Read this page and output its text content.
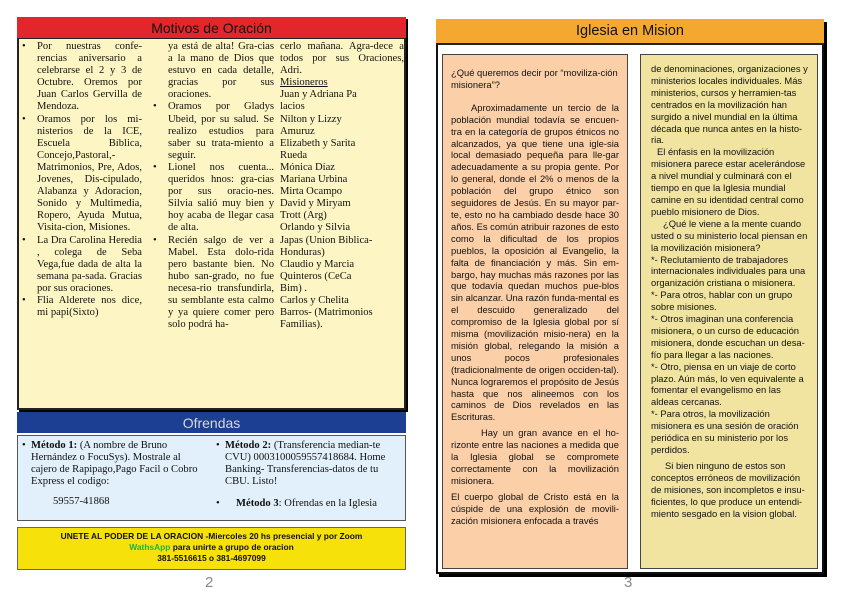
Motivos de Oración
• Por nuestras confe-rencias aniversario a celebrarse el 2 y 3 de Octubre. Oremos por Juan Carlos Gervilla de Mendoza.
• Oramos por los mi-nisterios de la ICE, Escuela Bíblica, Concejo,Pastoral,-Matrimonios, Pre, Ados, Jovenes, Dis-cipulado, Alabanza y Adoracion, Sonido y Multimedia, Ropero, Ayuda Mutua, Visita-cion, Misiones.
• La Dra Carolina Heredia , colega de Seba Vega,fue dada de alta la semana pa-sada. Gracias por sus oraciones.
• Flia Alderete nos dice, mi papi(Sixto)

ya está de alta! Gra-cias a la mano de Dios que estuvo en cada detalle, gracias por sus oraciones.

• Oramos por Gladys Ubeid, por su salud. Se realizo estudios para saber su trata-miento a seguir.
• Lionel nos cuenta... queridos hnos: gra-cias por sus oracio-nes. Silvia salió muy bien y hoy acaba de llegar casa de alta.
• Recién salgo de ver a Mabel. Esta dolo-rida pero bastante bien. No hubo san-grado, no fue necesa-rio transfundirla, su semblante esta calmo y ya quiere comer pero solo podrá ha-

cerlo mañana. Agra-dece a todos por sus Oraciones, Adri.

• Misioneros
Juan y Adriana Pa
lacios
Nilton y Lizzy
Amuruz
Elizabeth y Sarita
Rueda
Mónica Díaz
Mariana Urbina
Mirta Ocampo
David y Miryam
Trott (Arg)
Orlando y Silvia
Japas (Union Biblica-
Honduras)
Claudio y Marcia
Quinteros (CeCa
Bim) .
Carlos y Chelita
Barros- (Matrimonios
Familias).
Ofrendas
• Método 1: (A nombre de Bruno Hernández o FocuSys). Mostrale al cajero de Rapipago,Pago Facil o Cobro Express el codigo:
59557-41868
• Método 2: (Transferencia median-te CVU) 0003100059557418684. Home Banking- Transferencias-datos de tu CBU. Listo!
• Método 3: Ofrendas en la Iglesia
UNETE AL PODER DE LA ORACION -Miercoles 20 hs presencial y por Zoom
WathsApp para unirte a grupo de oracion
381-5516615 o 381-4697099
2
Iglesia en Mision

¿Qué queremos decir por “moviliza-ción misionera”?

Aproximadamente un tercio de la población mundial todavía se encuen-tra en la categoría de grupos étnicos no alcanzados, ya que tiene una igle-sia local demasiado pequeña para lle-gar adecuadamente a su propia gente. Por lo general, donde el 2% o menos de la población del grupo étnico son seguidores de Jesús. En su mayor par-te, esto no ha cambiado desde hace 30 años. Es común atribuir razones de esto como la dificultad de los propios pueblos, la oposición al Evangelio, la falta de financiación y más. Sin em-bargo, hay muchas más razones por las que todavía quedan muchos pue-blos sin alcanzar. Una razón funda-mental es el descuido generalizado del compromiso de la Iglesia global por sí misma (movilización misio-nera) en la misión global, relegando la misión a unos pocos profesionales (tradicionalmente de origen occiden-tal). Nunca lograremos el propósito de Jesús hasta que nos alineemos con los caminos de Dios revelados en las Escrituras.

Hay un gran avance en el ho-rizonte entre las naciones a medida que la Iglesia global se compromete correctamente con la movilización misionera.

El cuerpo global de Cristo está en la cúspide de una explosión de movili-zación misionera enfocada a través

de denominaciones, organizaciones y ministerios locales individuales. Más ministerios, cursos y herramien-tas centrados en la movilización han surgido a nivel mundial en la última década que nunca antes en la histo-ria.

El énfasis en la movilización misionera parece estar acelerándose a nivel mundial y culminará con el tiempo en que la Iglesia mundial camine en su identidad central como pueblo misionero de Dios.

¿Qué le viene a la mente cuando usted o su ministerio local piensan en la movilización misionera?

*- Reclutamiento de trabajadores internacionales individuales para una organización cristiana o misionera.

*- Para otros, hablar con un grupo sobre misiones.

*- Otros imaginan una conferencia misionera, o un curso de educación misionera, donde escuchan un desa-fío para llegar a las naciones.

*- Otro, piensa en un viaje de corto plazo. Aún más, lo ven equivalente a fomentar el evangelismo en las aldeas cercanas.

*- Para otros, la movilización misionera es una sesión de oración periódica en su ministerio por los perdidos.

Si bien ninguno de estos son conceptos erróneos de movilización de misiones, son incompletos e insu-ficientes, lo que produce un entendi-miento sesgado en la vision global.

3
